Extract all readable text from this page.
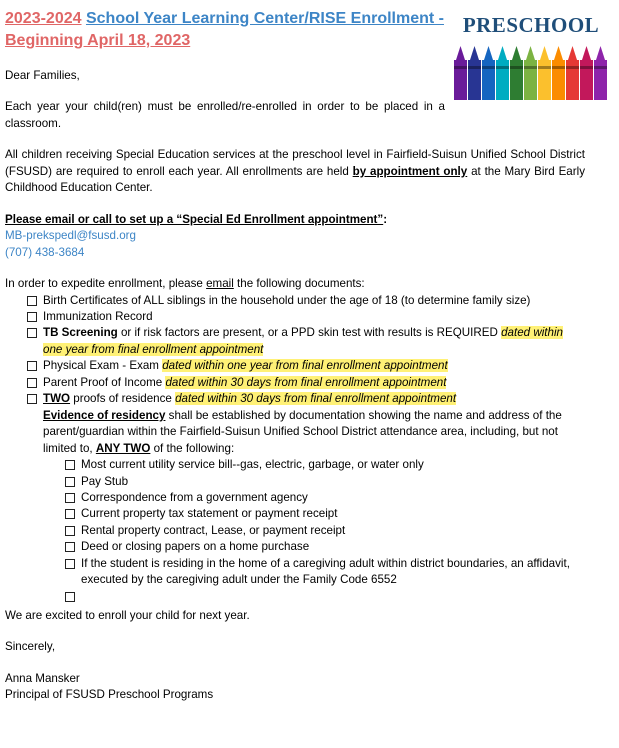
2023-2024 School Year Learning Center/RISE Enrollment -
Beginning April 18, 2023
PRESCHOOL

Dear Families,

Each year your child(ren) must be enrolled/re-enrolled in order to be placed in a classroom.

All children receiving Special Education services at the preschool level in Fairfield-Suisun Unified School District (FSUSD) are required to enroll each year. All enrollments are held by appointment only at the Mary Bird Early Childhood Education Center.

Please email or call to set up a “Special Ed Enrollment appointment”:

MB-prekspedl@fsusd.org

(707) 438-3684

In order to expedite enrollment, please email the following documents:

Birth Certificates of ALL siblings in the household under the age of 18 (to determine family size)
Immunization Record
TB Screening or if risk factors are present, or a PPD skin test with results is REQUIRED dated within
one year from final enrollment appointment
Physical Exam - Exam dated within one year from final enrollment appointment
Parent Proof of Income dated within 30 days from final enrollment appointment
TWO proofs of residence dated within 30 days from final enrollment appointment

Evidence of residency shall be established by documentation showing the name and address of the parent/guardian within the Fairfield-Suisun Unified School District attendance area, including, but not limited to, ANY TWO of the following:

Most current utility service bill--gas, electric, garbage, or water only
Pay Stub
Correspondence from a government agency
Current property tax statement or payment receipt
Rental property contract, Lease, or payment receipt
Deed or closing papers on a home purchase
If the student is residing in the home of a caregiving adult within district boundaries, an affidavit, executed by the caregiving adult under the Family Code 6552

We are excited to enroll your child for next year.

Sincerely,

Anna Mansker

Principal of FSUSD Preschool Programs
